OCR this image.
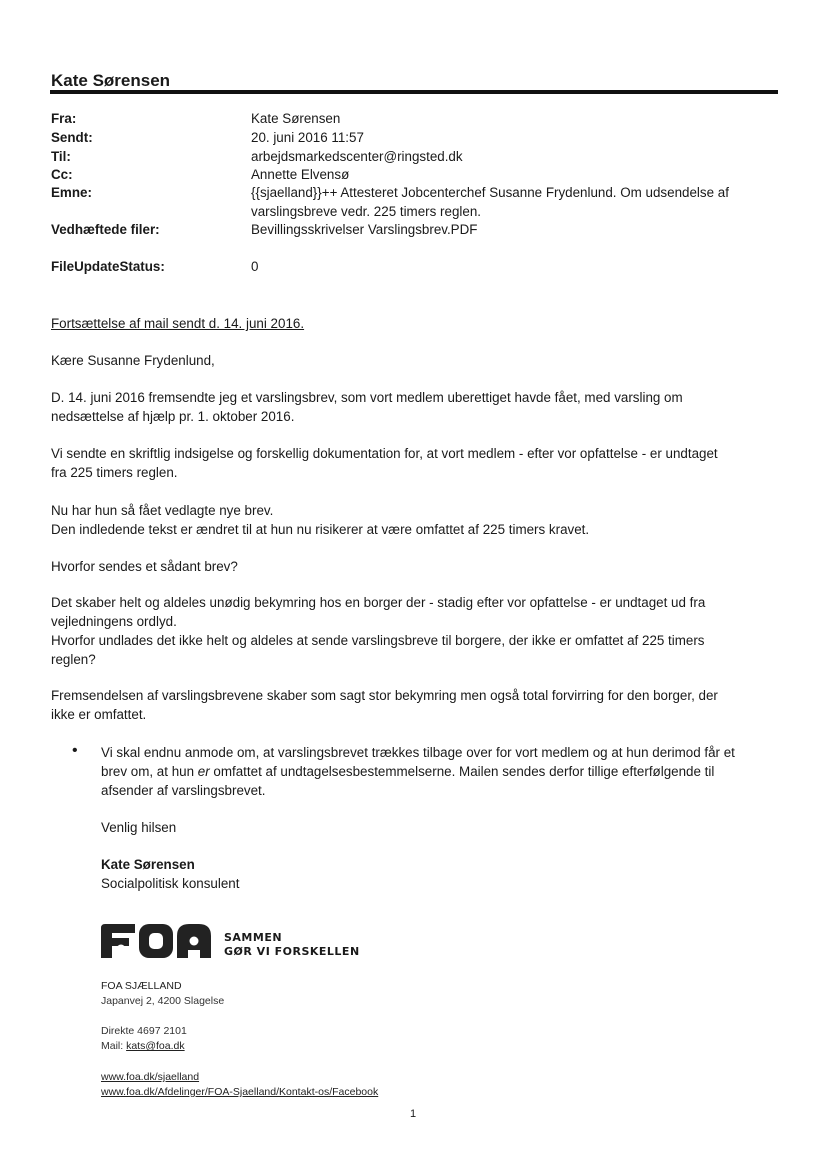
Kate Sørensen
Fra:	Kate Sørensen
Sendt:	20. juni 2016 11:57
Til:	arbejdsmarkedscenter@ringsted.dk
Cc:	Annette Elvensø
Emne:	{{sjaelland}}++ Attesteret Jobcenterchef Susanne Frydenlund. Om udsendelse af
varslingsbreve vedr. 225 timers reglen.
Vedhæftede filer:	Bevillingsskrivelser Varslingsbrev.PDF
FileUpdateStatus:	0
Fortsættelse af mail sendt d. 14. juni 2016.
Kære Susanne Frydenlund,
D. 14. juni 2016 fremsendte jeg et varslingsbrev, som vort medlem uberettiget havde fået, med varsling om
nedsættelse af hjælp pr. 1. oktober 2016.
Vi sendte en skriftlig indsigelse og forskellig dokumentation for, at vort medlem - efter vor opfattelse - er undtaget
fra 225 timers reglen.
Nu har hun så fået vedlagte nye brev.
Den indledende tekst er ændret til at hun nu risikerer at være omfattet af 225 timers kravet.
Hvorfor sendes et sådant brev?
Det skaber helt og aldeles unødig bekymring hos en borger der - stadig efter vor opfattelse - er undtaget ud fra
vejledningens ordlyd.
Hvorfor undlades det ikke helt og aldeles at sende varslingsbreve til borgere, der ikke er omfattet af 225 timers
reglen?
Fremsendelsen af varslingsbrevene skaber som sagt stor bekymring men også total forvirring for den borger, der
ikke er omfattet.
• Vi skal endnu anmode om, at varslingsbrevet trækkes tilbage over for vort medlem og at hun derimod får et
brev om, at hun er omfattet af undtagelsesbestemmelserne. Mailen sendes derfor tillige efterfølgende til
afsender af varslingsbrevet.
Venlig hilsen
Kate Sørensen
Socialpolitisk konsulent
SAMMEN
GØR VI FORSKELLEN
FOA SJÆLLAND
Japanvej 2, 4200 Slagelse
Direkte 4697 2101
Mail: kats@foa.dk
www.foa.dk/sjaelland
www.foa.dk/Afdelinger/FOA-Sjaelland/Kontakt-os/Facebook
1
